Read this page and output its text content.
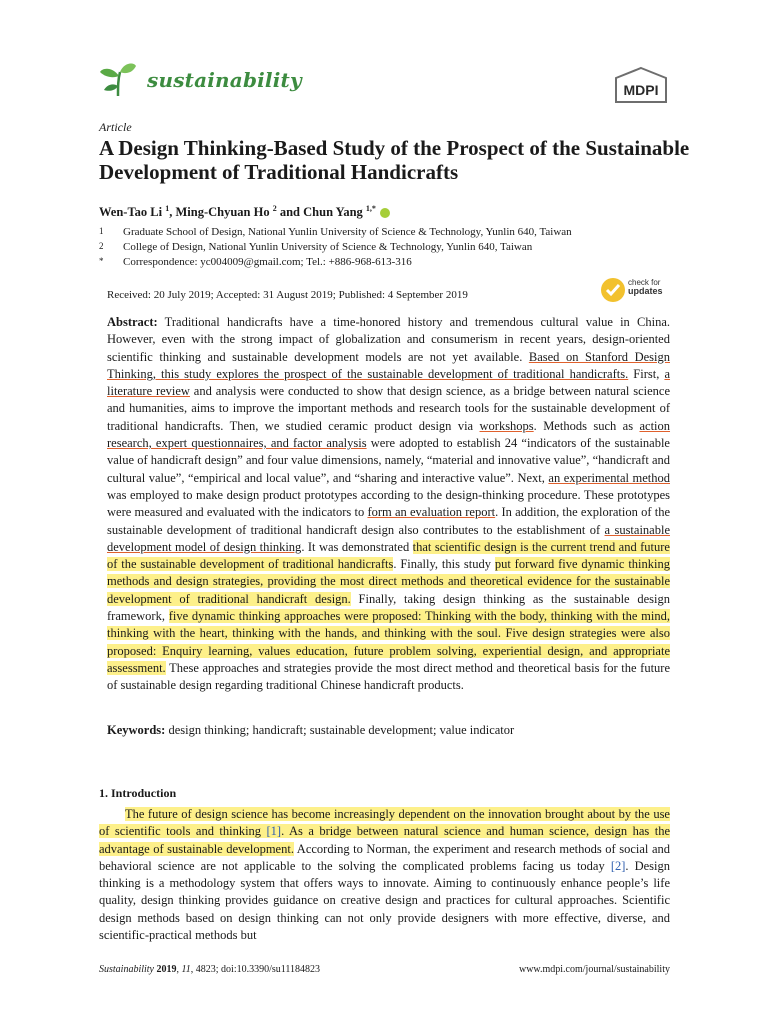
sustainability	MDPI
Article
A Design Thinking-Based Study of the Prospect of the Sustainable Development of Traditional Handicrafts
Wen-Tao Li $^1$, Ming-Chyuan Ho $^2$ and Chun Yang $^{1,*}$
1 Graduate School of Design, National Yunlin University of Science & Technology, Yunlin 640, Taiwan
2 College of Design, National Yunlin University of Science & Technology, Yunlin 640, Taiwan
* Correspondence: yc004009@gmail.com; Tel.: +886-968-613-316
Received: 20 July 2019; Accepted: 31 August 2019; Published: 4 September 2019
check for
updates
Abstract: Traditional handicrafts have a time-honored history and tremendous cultural value in China. However, even with the strong impact of globalization and consumerism in recent years, design-oriented scientific thinking and sustainable development models are not yet available. Based on Stanford Design Thinking, this study explores the prospect of the sustainable development of traditional handicrafts. First, a literature review and analysis were conducted to show that design science, as a bridge between natural science and humanities, aims to improve the important methods and research tools for the sustainable development of traditional handicrafts. Then, we studied ceramic product design via workshops. Methods such as action research, expert questionnaires, and factor analysis were adopted to establish 24 “indicators of the sustainable value of handicraft design” and four value dimensions, namely, “material and innovative value”, “handicraft and cultural value”, “empirical and local value”, and “sharing and interactive value”. Next, an experimental method was employed to make design product prototypes according to the design-thinking procedure. These prototypes were measured and evaluated with the indicators to form an evaluation report. In addition, the exploration of the sustainable development of traditional handicraft design also contributes to the establishment of a sustainable development model of design thinking. It was demonstrated that scientific design is the current trend and future of the sustainable development of traditional handicrafts. Finally, this study put forward five dynamic thinking methods and design strategies, providing the most direct methods and theoretical evidence for the sustainable development of traditional handicraft design. Finally, taking design thinking as the sustainable design framework, five dynamic thinking approaches were proposed: Thinking with the body, thinking with the mind, thinking with the heart, thinking with the hands, and thinking with the soul. Five design strategies were also proposed: Enquiry learning, values education, future problem solving, experiential design, and appropriate assessment. These approaches and strategies provide the most direct method and theoretical basis for the future of sustainable design regarding traditional Chinese handicraft products.
Keywords: design thinking; handicraft; sustainable development; value indicator
1. Introduction
The future of design science has become increasingly dependent on the innovation brought about by the use of scientific tools and thinking [1]. As a bridge between natural science and human science, design has the advantage of sustainable development. According to Norman, the experiment and research methods of social and behavioral science are not applicable to the solving the complicated problems facing us today [2]. Design thinking is a methodology system that offers ways to innovate. Aiming to continuously enhance people’s life quality, design thinking provides guidance on creative design and practices for cultural approaches. Scientific design methods based on design thinking can not only provide designers with more effective, diverse, and scientific-practical methods but
Sustainability 2019, 11, 4823; doi:10.3390/su11184823	www.mdpi.com/journal/sustainability
